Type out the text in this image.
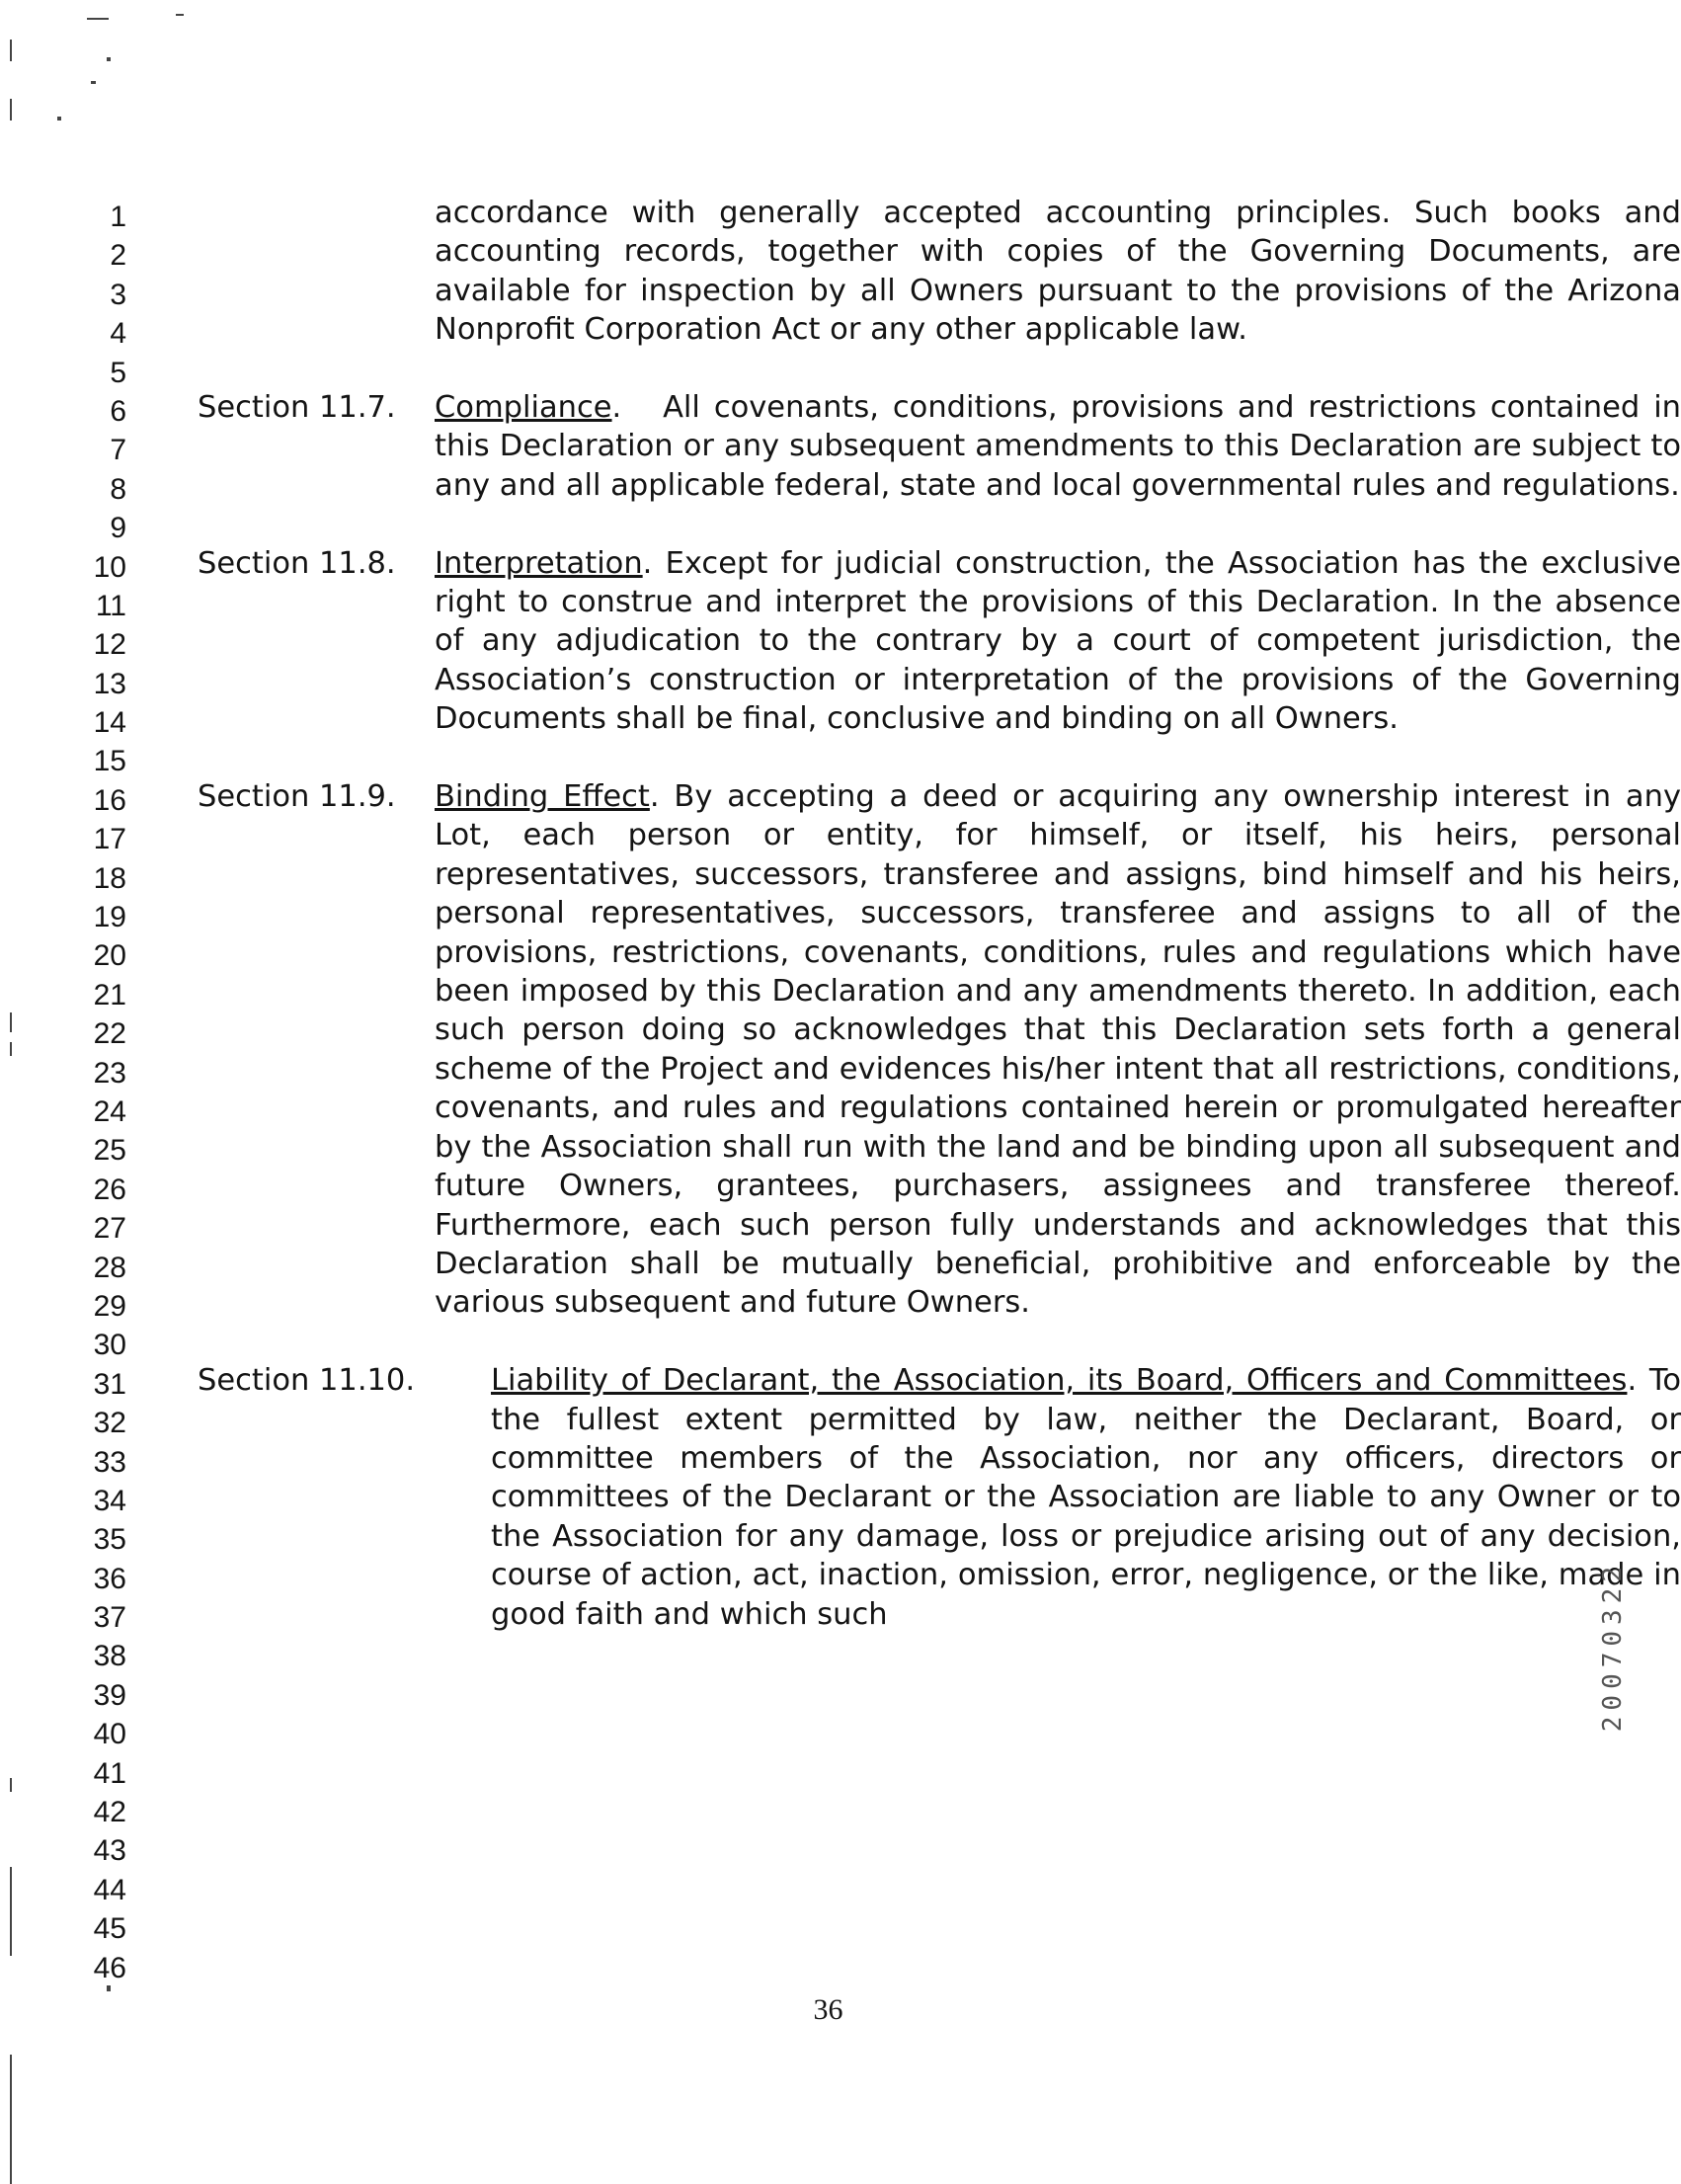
1
2
3
4
5
6
7
8
9
10
11
12
13
14
15
16
17
18
19
20
21
22
23
24
25
26
27
28
29
30
31
32
33
34
35
36
37
38
39
40
41
42
43
44
45
46
accordance with generally accepted accounting principles. Such books and accounting records, together with copies of the Governing Documents, are available for inspection by all Owners pursuant to the provisions of the Arizona Nonprofit Corporation Act or any other applicable law.
Section 11.7. Compliance.   All covenants, conditions, provisions and restrictions contained in this Declaration or any subsequent amendments to this Declaration are subject to any and all applicable federal, state and local governmental rules and regulations.
Section 11.8. Interpretation. Except for judicial construction, the Association has the exclusive right to construe and interpret the provisions of this Declaration. In the absence of any adjudication to the contrary by a court of competent jurisdiction, the Association’s construction or interpretation of the provisions of the Governing Documents shall be final, conclusive and binding on all Owners.
Section 11.9. Binding Effect. By accepting a deed or acquiring any ownership interest in any Lot, each person or entity, for himself, or itself, his heirs, personal representatives, successors, transferee and assigns, bind himself and his heirs, personal representatives, successors, transferee and assigns to all of the provisions, restrictions, covenants, conditions, rules and regulations which have been imposed by this Declaration and any amendments thereto. In addition, each such person doing so acknowledges that this Declaration sets forth a general scheme of the Project and evidences his/her intent that all restrictions, conditions, covenants, and rules and regulations contained herein or promulgated hereafter by the Association shall run with the land and be binding upon all subsequent and future Owners, grantees, purchasers, assignees and transferee thereof. Furthermore, each such person fully understands and acknowledges that this Declaration shall be mutually beneficial, prohibitive and enforceable by the various subsequent and future Owners.
Section 11.10.	Liability of Declarant, the Association, its Board, Officers and Committees. To the fullest extent permitted by law, neither the Declarant, Board, or committee members of the Association, nor any officers, directors or committees of the Declarant or the Association are liable to any Owner or to the Association for any damage, loss or prejudice arising out of any decision, course of action, act, inaction, omission, error, negligence, or the like, made in good faith and which such	20070322
36
